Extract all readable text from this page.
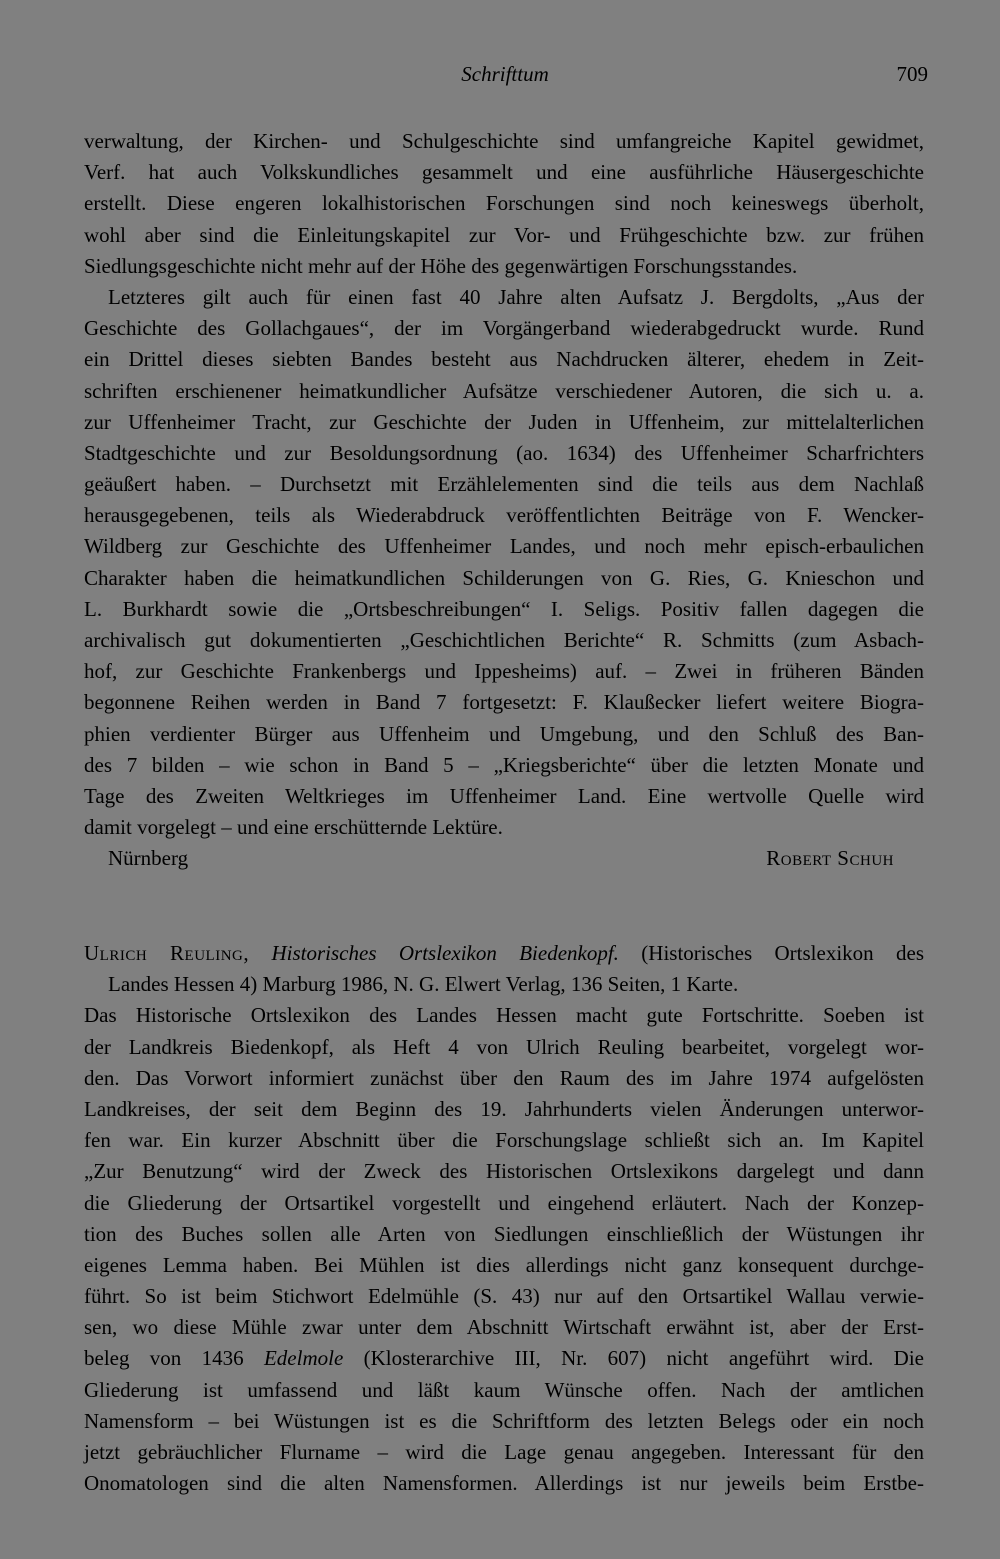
Schrifttum	709
verwaltung, der Kirchen- und Schulgeschichte sind umfangreiche Kapitel gewidmet,
Verf. hat auch Volkskundliches gesammelt und eine ausführliche Häusergeschichte
erstellt. Diese engeren lokalhistorischen Forschungen sind noch keineswegs überholt,
wohl aber sind die Einleitungskapitel zur Vor- und Frühgeschichte bzw. zur frühen
Siedlungsgeschichte nicht mehr auf der Höhe des gegenwärtigen Forschungsstandes.
Letzteres gilt auch für einen fast 40 Jahre alten Aufsatz J. Bergdolts, „Aus der
Geschichte des Gollachgaues“, der im Vorgängerband wiederabgedruckt wurde. Rund
ein Drittel dieses siebten Bandes besteht aus Nachdrucken älterer, ehedem in Zeit-
schriften erschienener heimatkundlicher Aufsätze verschiedener Autoren, die sich u. a.
zur Uffenheimer Tracht, zur Geschichte der Juden in Uffenheim, zur mittelalterlichen
Stadtgeschichte und zur Besoldungsordnung (ao. 1634) des Uffenheimer Scharfrichters
geäußert haben. – Durchsetzt mit Erzählelementen sind die teils aus dem Nachlaß
herausgegebenen, teils als Wiederabdruck veröffentlichten Beiträge von F. Wencker-
Wildberg zur Geschichte des Uffenheimer Landes, und noch mehr episch-erbaulichen
Charakter haben die heimatkundlichen Schilderungen von G. Ries, G. Knieschon und
L. Burkhardt sowie die „Ortsbeschreibungen“ I. Seligs. Positiv fallen dagegen die
archivalisch gut dokumentierten „Geschichtlichen Berichte“ R. Schmitts (zum Asbach-
hof, zur Geschichte Frankenbergs und Ippesheims) auf. – Zwei in früheren Bänden
begonnene Reihen werden in Band 7 fortgesetzt: F. Klaußecker liefert weitere Biogra-
phien verdienter Bürger aus Uffenheim und Umgebung, und den Schluß des Ban-
des 7 bilden – wie schon in Band 5 – „Kriegsberichte“ über die letzten Monate und
Tage des Zweiten Weltkrieges im Uffenheimer Land. Eine wertvolle Quelle wird
damit vorgelegt – und eine erschütternde Lektüre.
Nürnberg	Robert Schuh
Ulrich Reuling, Historisches Ortslexikon Biedenkopf. (Historisches Ortslexikon des
Landes Hessen 4) Marburg 1986, N. G. Elwert Verlag, 136 Seiten, 1 Karte.
Das Historische Ortslexikon des Landes Hessen macht gute Fortschritte. Soeben ist
der Landkreis Biedenkopf, als Heft 4 von Ulrich Reuling bearbeitet, vorgelegt wor-
den. Das Vorwort informiert zunächst über den Raum des im Jahre 1974 aufgelösten
Landkreises, der seit dem Beginn des 19. Jahrhunderts vielen Änderungen unterwor-
fen war. Ein kurzer Abschnitt über die Forschungslage schließt sich an. Im Kapitel
„Zur Benutzung“ wird der Zweck des Historischen Ortslexikons dargelegt und dann
die Gliederung der Ortsartikel vorgestellt und eingehend erläutert. Nach der Konzep-
tion des Buches sollen alle Arten von Siedlungen einschließlich der Wüstungen ihr
eigenes Lemma haben. Bei Mühlen ist dies allerdings nicht ganz konsequent durchge-
führt. So ist beim Stichwort Edelmühle (S. 43) nur auf den Ortsartikel Wallau verwie-
sen, wo diese Mühle zwar unter dem Abschnitt Wirtschaft erwähnt ist, aber der Erst-
beleg von 1436 Edelmole (Klosterarchive III, Nr. 607) nicht angeführt wird. Die
Gliederung ist umfassend und läßt kaum Wünsche offen. Nach der amtlichen
Namensform – bei Wüstungen ist es die Schriftform des letzten Belegs oder ein noch
jetzt gebräuchlicher Flurname – wird die Lage genau angegeben. Interessant für den
Onomatologen sind die alten Namensformen. Allerdings ist nur jeweils beim Erstbe-
